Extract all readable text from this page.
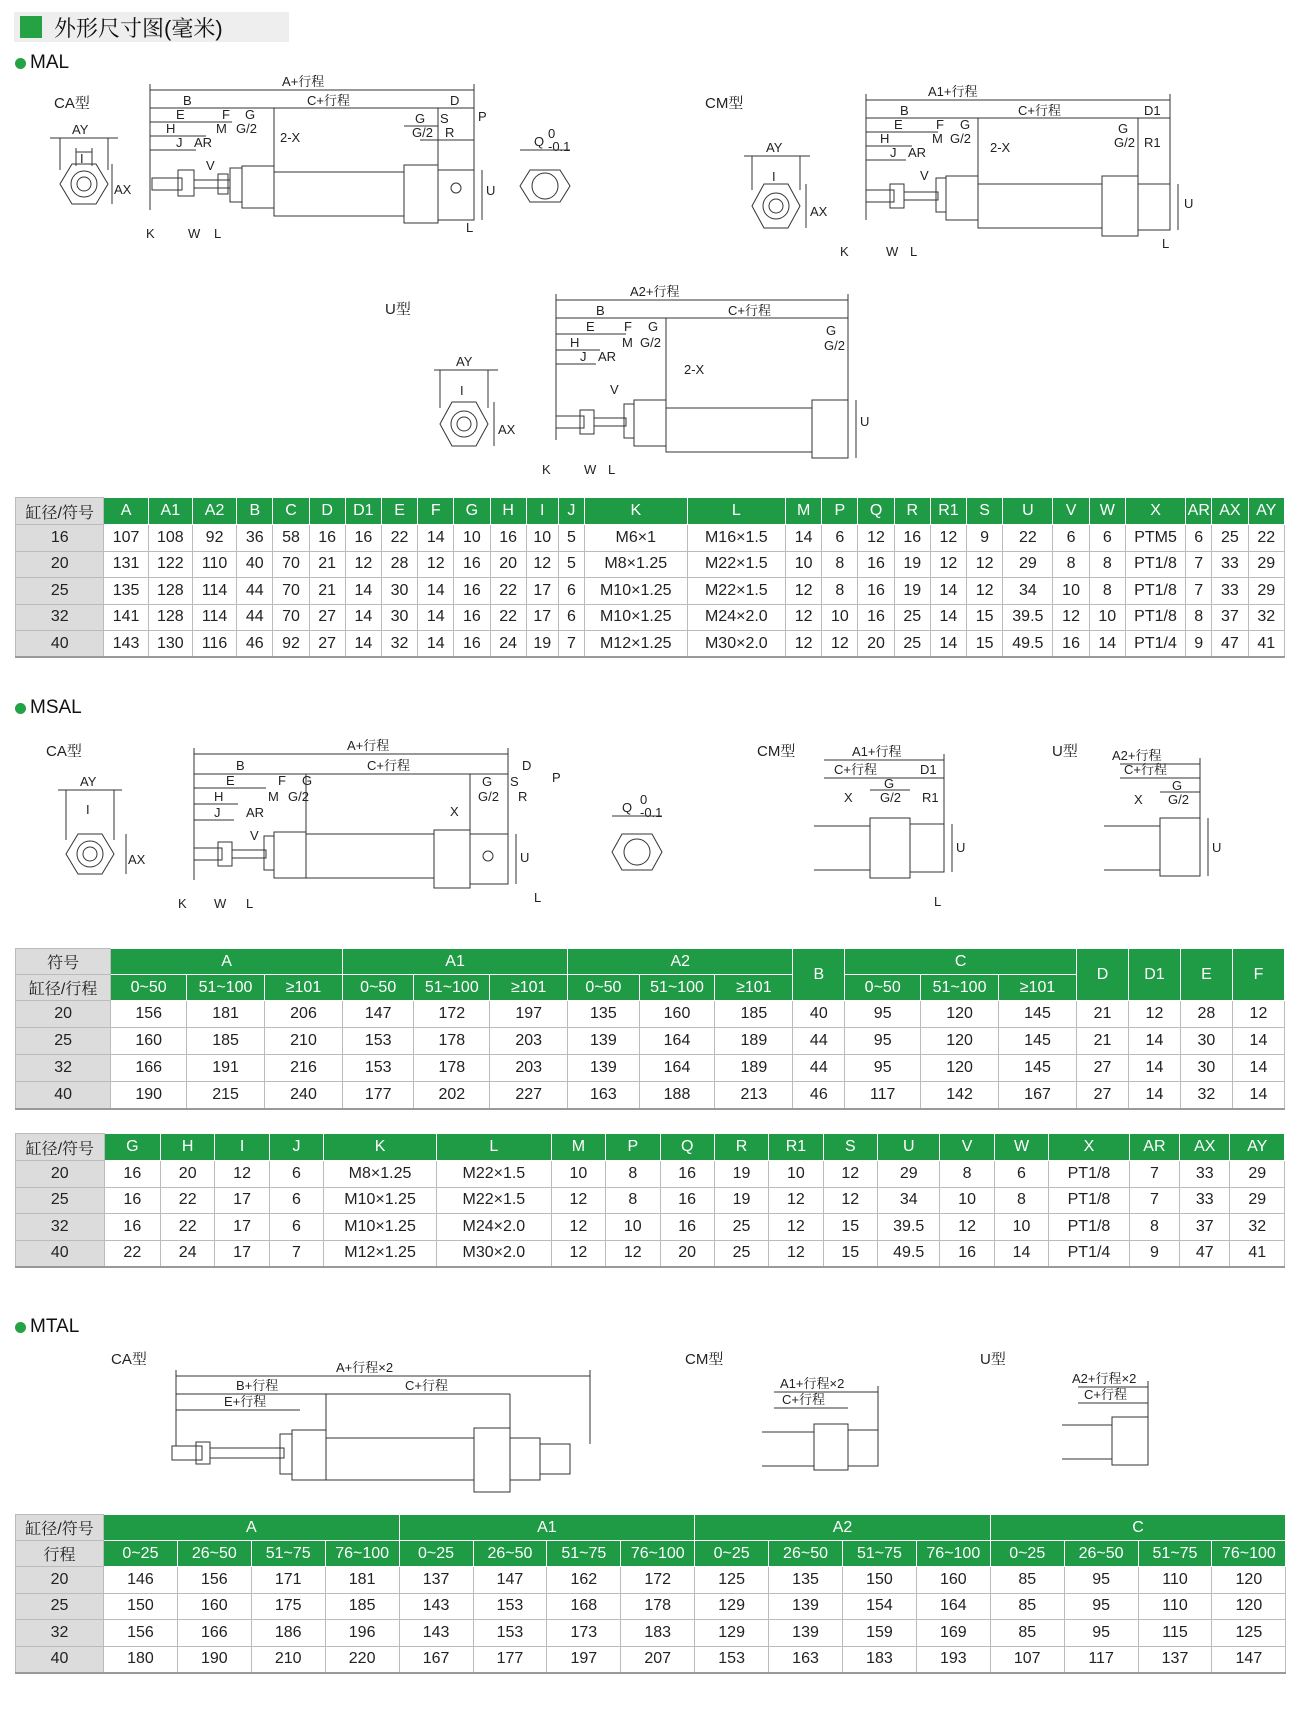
外形尺寸图(毫米)
MAL
CA型	CM型
U型
A+行程
B	C+行程	D
E	F G
H	M G/2
J AR
V
2-X
G
G/2
S
R
P
U
L
K	W L
AY
I
AX
Q
0
-0.1
A1+行程
B	C+行程	D1
E	F G
H	M G/2
J AR
V
2-X
G
G/2 R1
U
L
K	W L
AY
I
AX
A2+行程
B	C+行程
E F G
H	M G/2
J AR
V
2-X
G
G/2
U
K	W L
AY
I
AX
缸径/符号	A	A1	A2	B	C	D	D1	E	F	G	H	I	J	K	L	M	P	Q	R	R1	S	U	V	W	X	AR	AX	AY
16	107	108	92	36	58	16	16	22	14	10	16	10	5	M6×1	M16×1.5	14	6	12	16	12	9	22	6	6	PTM5	6	25	22
20	131	122	110	40	70	21	12	28	12	16	20	12	5	M8×1.25	M22×1.5	10	8	16	19	12	12	29	8	8	PT1/8	7	33	29
25	135	128	114	44	70	21	14	30	14	16	22	17	6	M10×1.25	M22×1.5	12	8	16	19	14	12	34	10	8	PT1/8	7	33	29
32	141	128	114	44	70	27	14	30	14	16	22	17	6	M10×1.25	M24×2.0	12	10	16	25	14	15	39.5	12	10	PT1/8	8	37	32
40	143	130	116	46	92	27	14	32	14	16	24	19	7	M12×1.25	M30×2.0	12	12	20	25	14	15	49.5	16	14	PT1/4	9	47	41
MSAL
CA型	CM型	U型
A+行程
B	C+行程	D
E	F G
H	M G/2
J AR
V
X
G
G/2
S
R
P
U
L
K W L
AY
I
AX
Q
0
-0.1
A1+行程
C+行程	D1
G
X G/2 R1
U
L
A2+行程
C+行程
G
X G/2
U
符号	A			A1			A2			B	C			D	D1	E	F
缸径/行程	0~50	51~100	≥101	0~50	51~100	≥101	0~50	51~100	≥101		0~50	51~100	≥101				
20	156	181	206	147	172	197	135	160	185	40	95	120	145	21	12	28	12
25	160	185	210	153	178	203	139	164	189	44	95	120	145	21	14	30	14
32	166	191	216	153	178	203	139	164	189	44	95	120	145	27	14	30	14
40	190	215	240	177	202	227	163	188	213	46	117	142	167	27	14	32	14
缸径/符号	G	H	I	J	K	L	M	P	Q	R	R1	S	U	V	W	X	AR	AX	AY
20	16	20	12	6	M8×1.25	M22×1.5	10	8	16	19	10	12	29	8	6	PT1/8	7	33	29
25	16	22	17	6	M10×1.25	M22×1.5	12	8	16	19	12	12	34	10	8	PT1/8	7	33	29
32	16	22	17	6	M10×1.25	M24×2.0	12	10	16	25	12	15	39.5	12	10	PT1/8	8	37	32
40	22	24	17	7	M12×1.25	M30×2.0	12	12	20	25	12	15	49.5	16	14	PT1/4	9	47	41
MTAL
CA型	CM型	U型
A+行程×2
B+行程	C+行程
E+行程
A1+行程×2
C+行程
A2+行程×2
C+行程
缸径/符号	A				A1				A2				C			
行程	0~25	26~50	51~75	76~100	0~25	26~50	51~75	76~100	0~25	26~50	51~75	76~100	0~25	26~50	51~75	76~100
20	146	156	171	181	137	147	162	172	125	135	150	160	85	95	110	120
25	150	160	175	185	143	153	168	178	129	139	154	164	85	95	110	120
32	156	166	186	196	143	153	173	183	129	139	159	169	85	95	115	125
40	180	190	210	220	167	177	197	207	153	163	183	193	107	117	137	147
